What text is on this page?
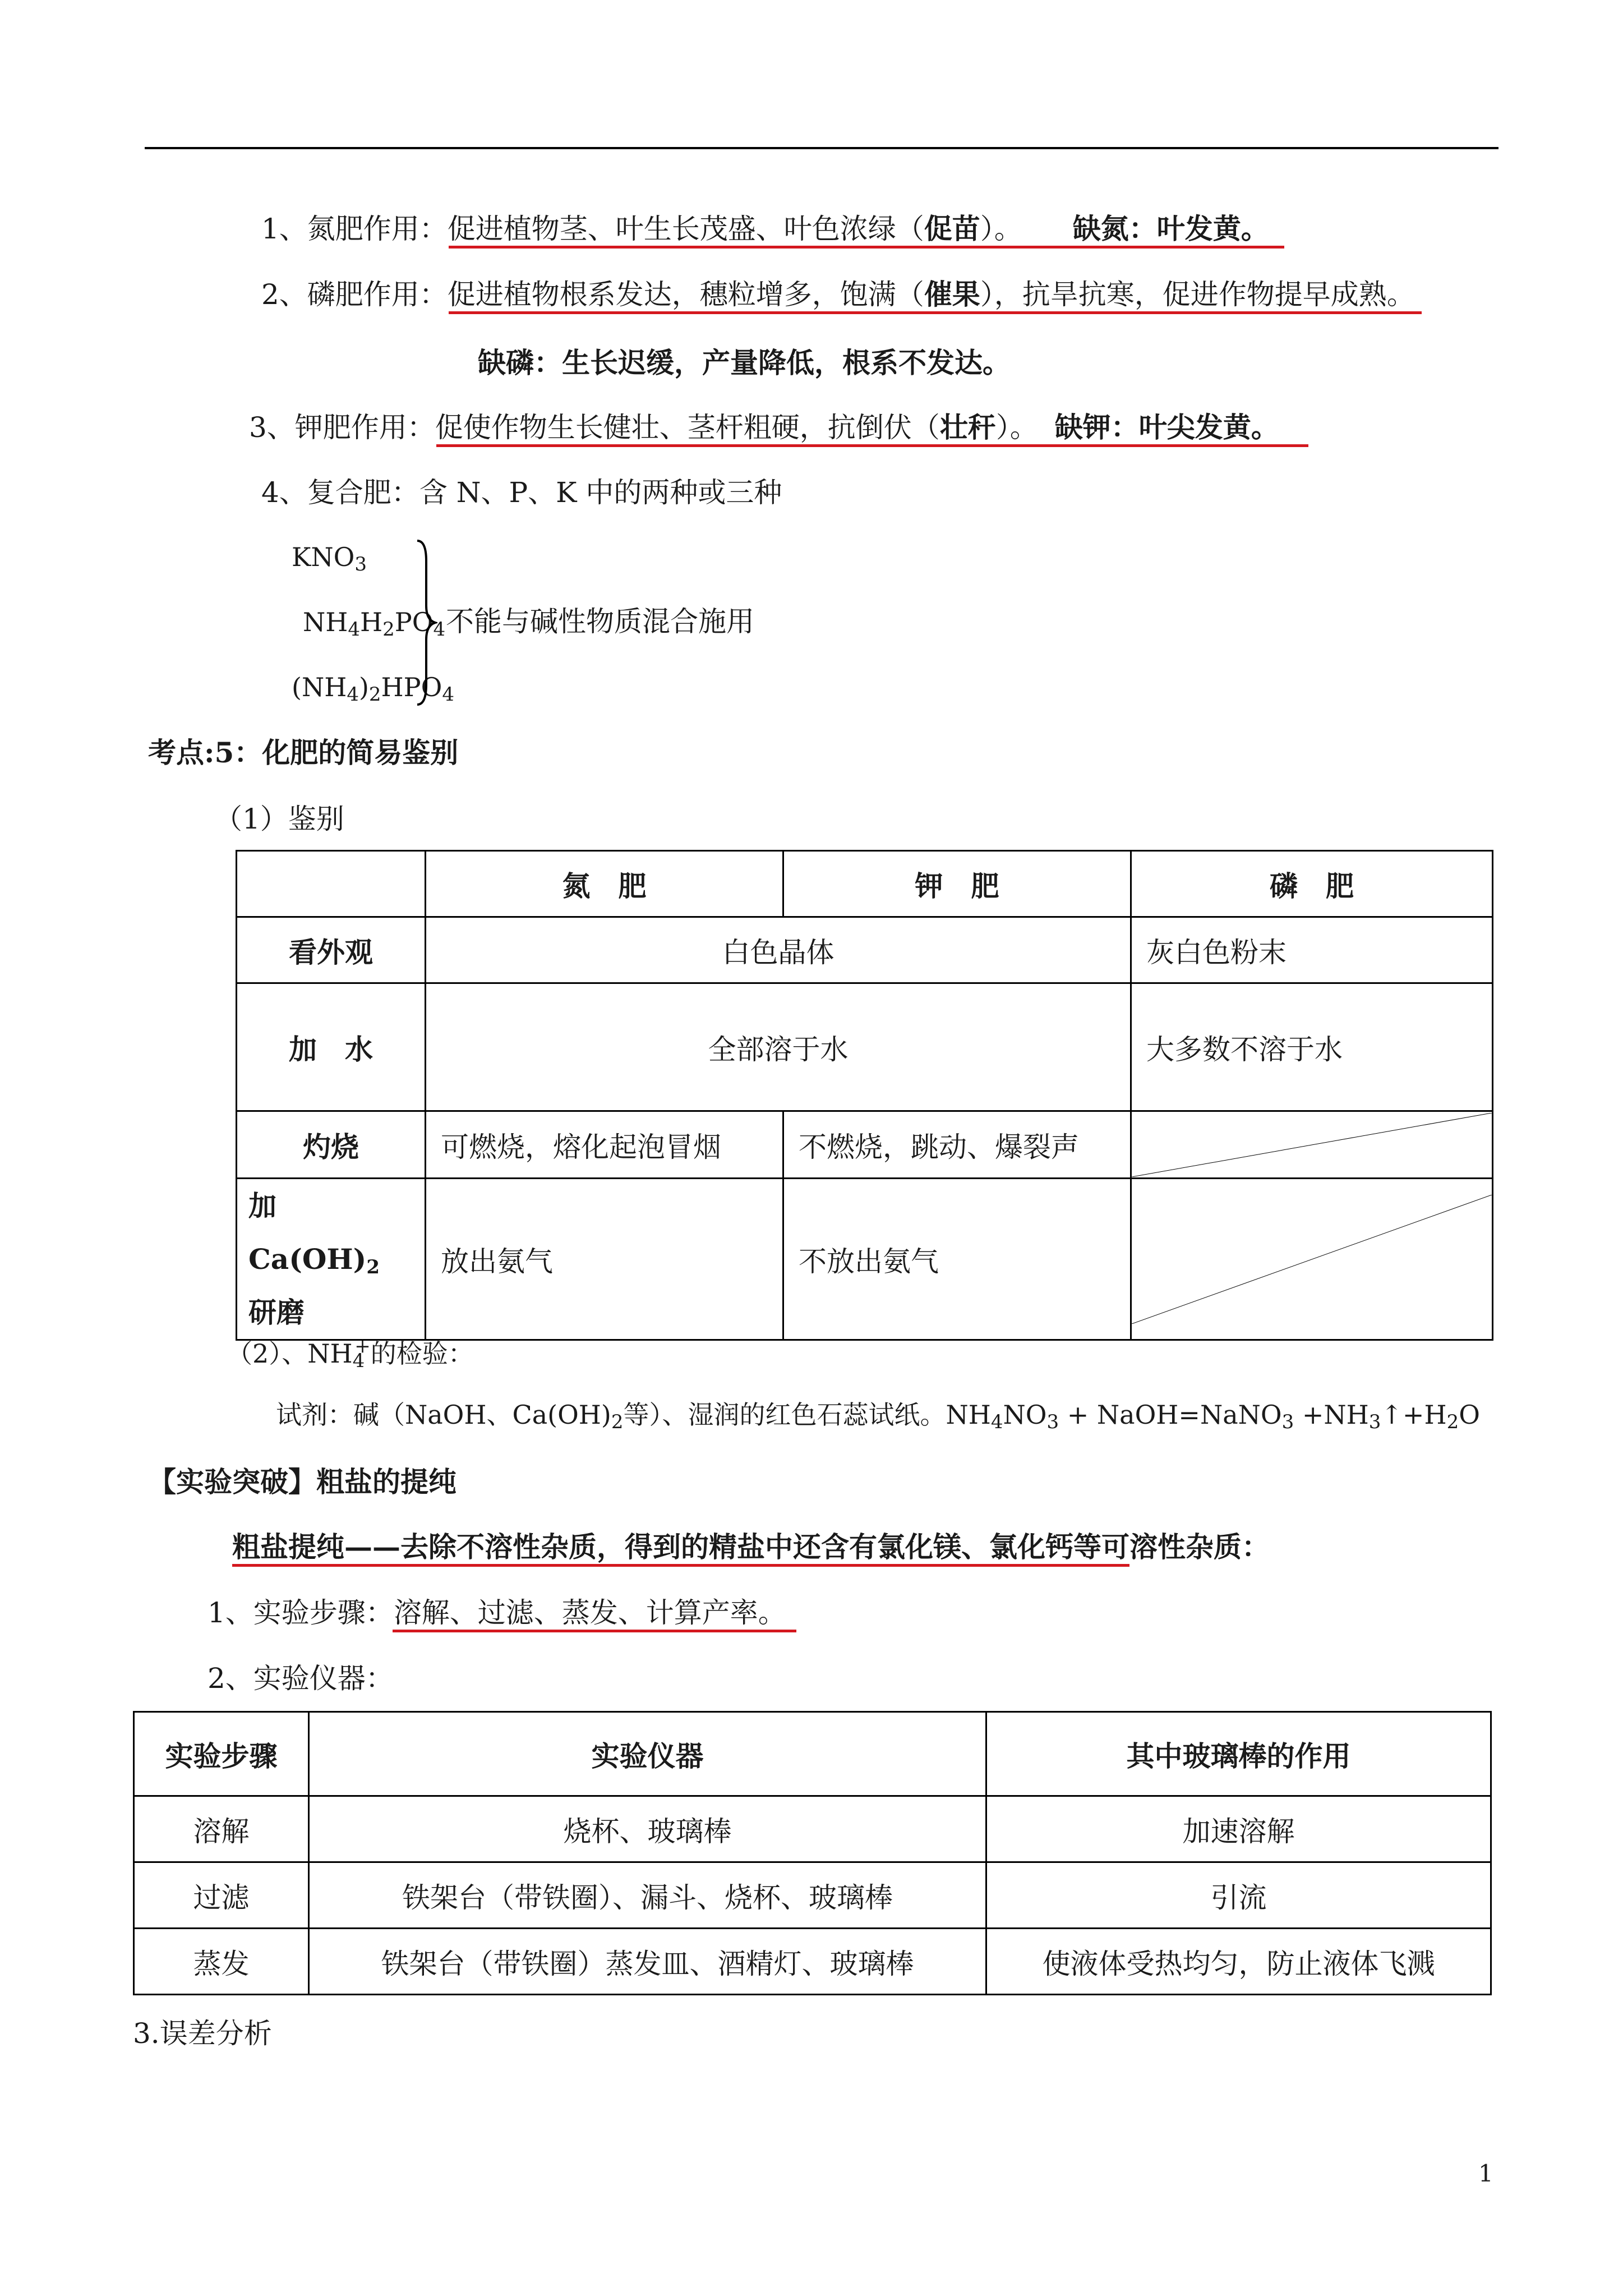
1、氮肥作用：促进植物茎、叶生长茂盛、叶色浓绿（促苗）。 缺氮：叶发黄。
2、磷肥作用：促进植物根系发达，穗粒增多，饱满（催果），抗旱抗寒，促进作物提早成熟。
缺磷：生长迟缓，产量降低，根系不发达。
3、钾肥作用：促使作物生长健壮、茎杆粗硬，抗倒伏（壮秆）。 缺钾：叶尖发黄。
4、复合肥：含 N、P、K 中的两种或三种
$KNO_3$
$NH_4H_2PO_4$
$(NH_4)_2HPO_4$
不能与碱性物质混合施用
考点:5：化肥的简易鉴别
（1）鉴别
	氮　肥	钾　肥	磷　肥
看外观	白色晶体		灰白色粉末
加　水	全部溶于水		大多数不溶于水
灼烧	可燃烧，熔化起泡冒烟	不燃烧，跳动、爆裂声	

加　$Ca(OH)_2$
研磨	放出氨气	不放出氨气	
（2）、$NH_4^+$的检验：
试剂：碱（NaOH、$Ca(OH)_2$等）、湿润的红色石蕊试纸。$NH_4NO_3$ + NaOH=NaNO$_3$ $+NH_3↑+H_2O$
【实验突破】粗盐的提纯
粗盐提纯——去除不溶性杂质，得到的精盐中还含有氯化镁、氯化钙等可溶性杂质：
1、实验步骤：溶解、过滤、蒸发、计算产率。
2、实验仪器：
实验步骤	实验仪器	其中玻璃棒的作用
溶解	烧杯、玻璃棒	加速溶解
过滤	铁架台（带铁圈）、漏斗、烧杯、玻璃棒	引流
蒸发	铁架台（带铁圈）蒸发皿、酒精灯、玻璃棒	使液体受热均匀，防止液体飞溅
3.误差分析
1
